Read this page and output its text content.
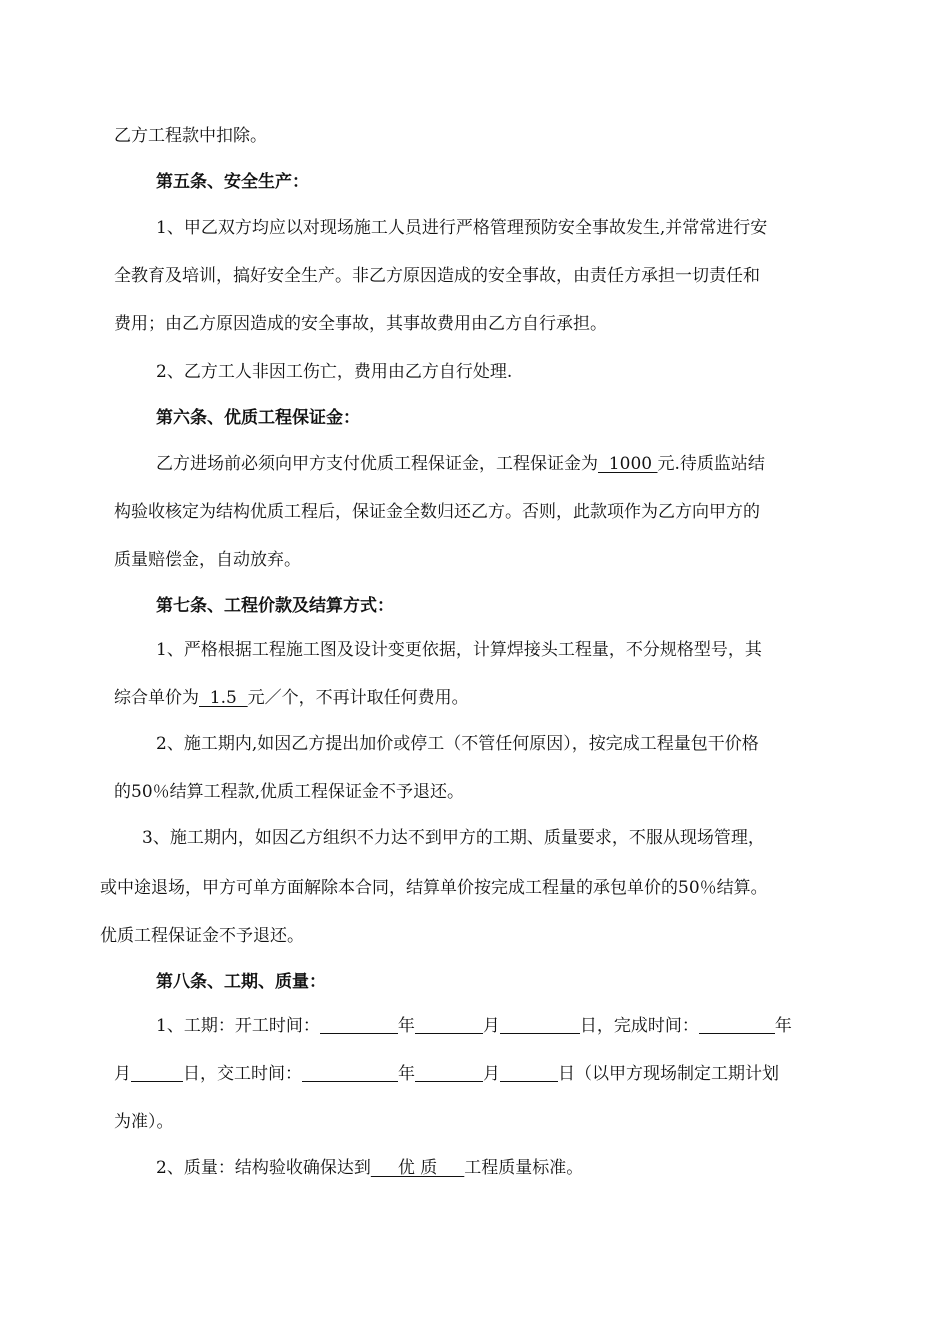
乙方工程款中扣除。
第五条、安全生产：
1、甲乙双方均应以对现场施工人员进行严格管理预防安全事故发生,并常常进行安
全教育及培训，搞好安全生产。非乙方原因造成的安全事故，由责任方承担一切责任和
费用；由乙方原因造成的安全事故，其事故费用由乙方自行承担。
2、乙方工人非因工伤亡，费用由乙方自行处理.
第六条、优质工程保证金：
乙方进场前必须向甲方支付优质工程保证金，工程保证金为  1000 元.待质监站结
构验收核定为结构优质工程后，保证金全数归还乙方。否则，此款项作为乙方向甲方的
质量赔偿金，自动放弃。
第七条、工程价款及结算方式：
1、严格根据工程施工图及设计变更依据，计算焊接头工程量，不分规格型号，其
综合单价为  1.5  元／个，不再计取任何费用。
2、施工期内,如因乙方提出加价或停工（不管任何原因），按完成工程量包干价格
的50％结算工程款,优质工程保证金不予退还。
3、施工期内，如因乙方组织不力达不到甲方的工期、质量要求，不服从现场管理，
或中途退场，甲方可单方面解除本合同，结算单价按完成工程量的承包单价的50％结算。
优质工程保证金不予退还。
第八条、工期、质量：
1、工期：开工时间：	年	月	日，完成时间：	年
月	日，交工时间：	年	月	日（以甲方现场制定工期计划
为准）。
2、质量：结构验收确保达到     优 质     工程质量标准。
